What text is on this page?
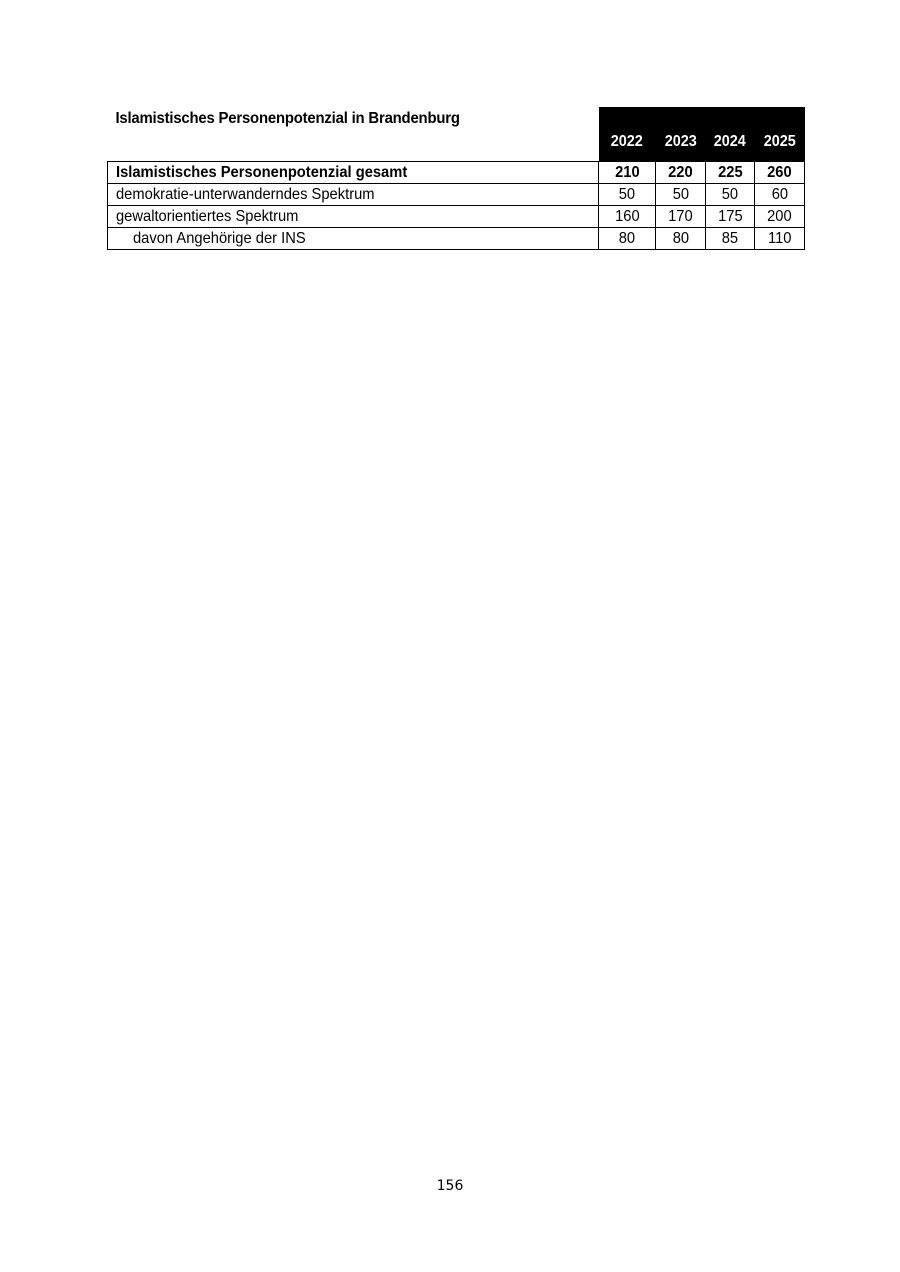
Islamistisches Personenpotenzial in Brandenburg	2022	2023	2024	2025
Islamistisches Personenpotenzial gesamt	210	220	225	260
demokratie-unterwanderndes Spektrum	50	50	50	60
gewaltorientiertes Spektrum	160	170	175	200
davon Angehörige der INS	80	80	85	110
156
